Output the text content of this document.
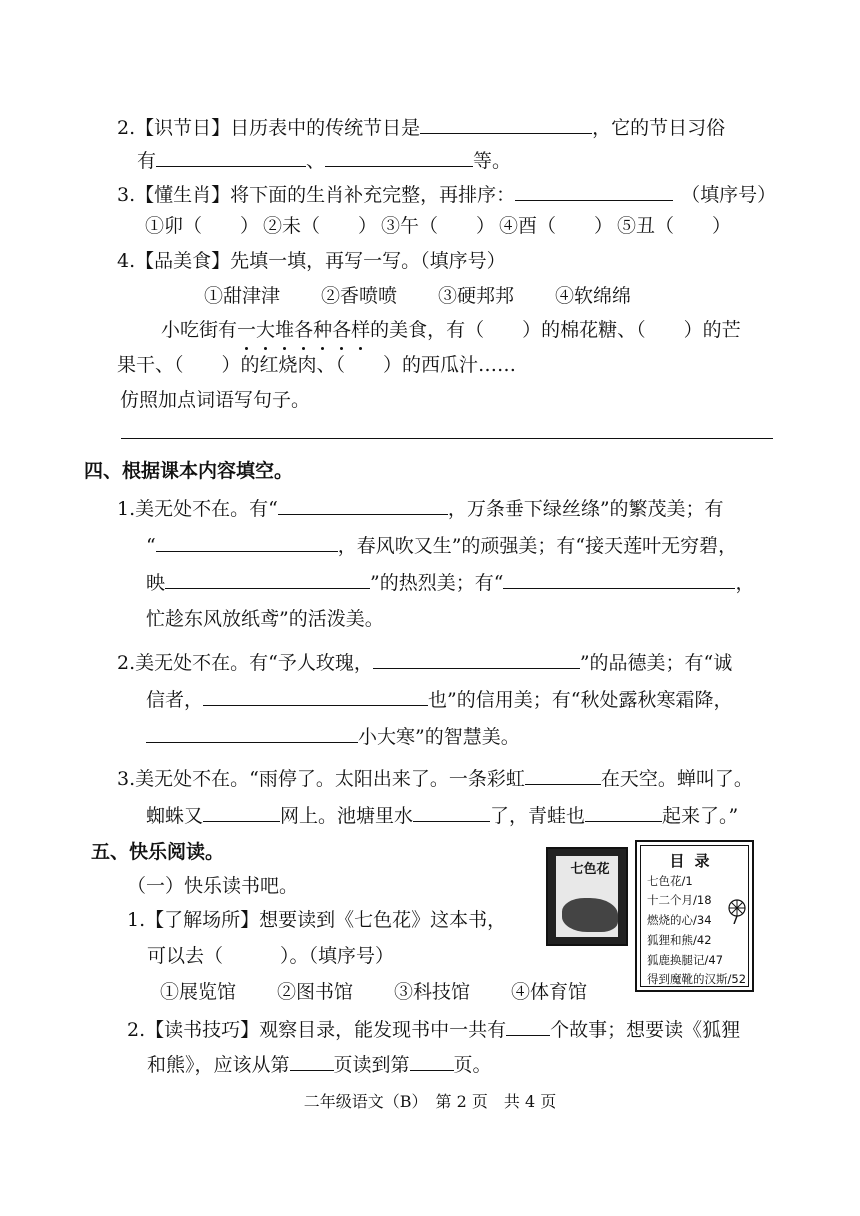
2.【识节日】日历表中的传统节日是	，它的节日习俗
有	、	等。
3.【懂生肖】将下面的生肖补充完整，再排序：	（填序号）
①卯（　　） ②未（　　） ③午（　　） ④酉（　　） ⑤丑（　　）
4.【品美食】先填一填，再写一写。（填序号）
①甜津津 ②香喷喷 ③硬邦邦 ④软绵绵
小吃街有一大堆各种各样的美食，有（　　）的棉花糖、（　　）的芒
果干、（　　）的红烧肉、（　　）的西瓜汁……
仿照加点词语写句子。
四、根据课本内容填空。
1.美无处不在。有“	，万条垂下绿丝绦”的繁茂美；有
“	，春风吹又生”的顽强美；有“接天莲叶无穷碧，
映	”的热烈美；有“	，
忙趁东风放纸鸢”的活泼美。
2.美无处不在。有“予人玫瑰，	”的品德美；有“诚
信者，	也”的信用美；有“秋处露秋寒霜降，
小大寒”的智慧美。
3.美无处不在。“雨停了。太阳出来了。一条彩虹	在天空。蝉叫了。
蜘蛛又	网上。池塘里水	了，青蛙也	起来了。”
五、快乐阅读。
（一）快乐读书吧。
1.【了解场所】想要读到《七色花》这本书，
可以去（　　　）。（填序号）
①展览馆 ②图书馆 ③科技馆 ④体育馆
2.【读书技巧】观察目录，能发现书中一共有 个故事；想要读《狐狸
和熊》，应该从第 页读到第 页。
七色花	目录
七色花/1
十二个月/18
燃烧的心/34
狐狸和熊/42
狐鹿换腿记/47
得到魔靴的汉斯/52
二年级语文（B）　第 2 页　共 4 页
